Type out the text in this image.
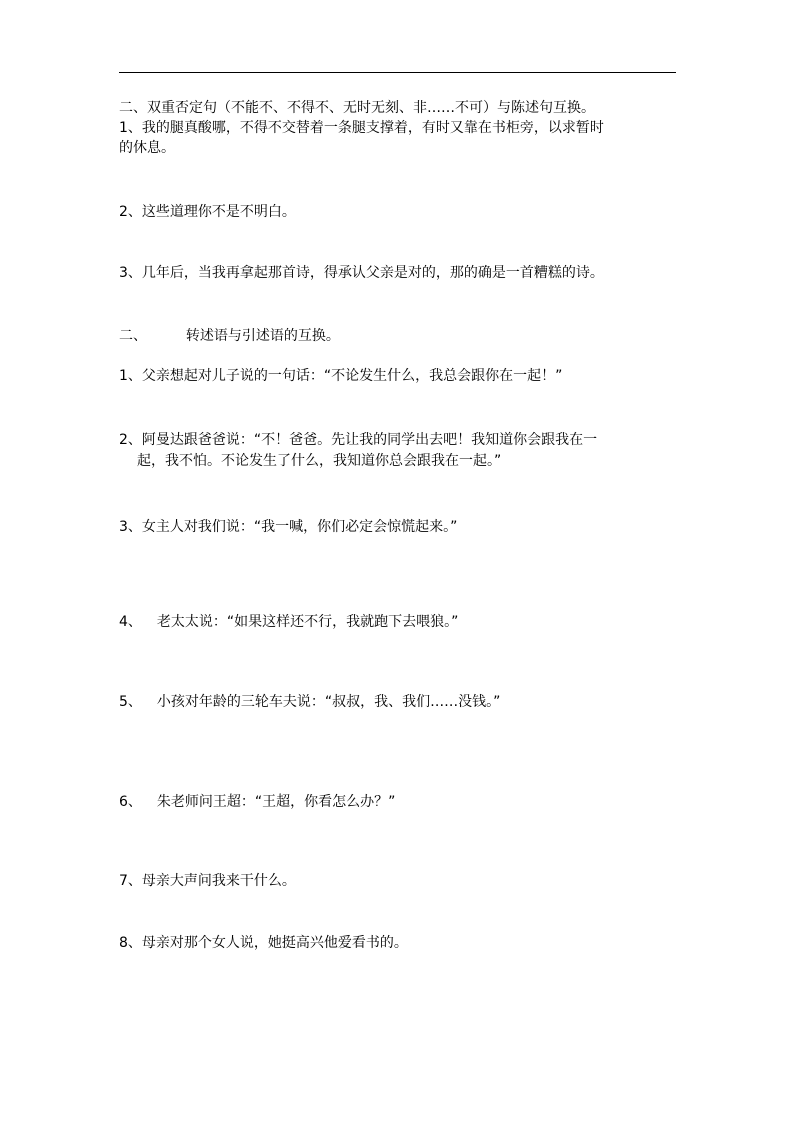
二、双重否定句（不能不、不得不、无时无刻、非……不可）与陈述句互换。
1、我的腿真酸哪，不得不交替着一条腿支撑着，有时又靠在书柜旁，以求暂时
的休息。
2、这些道理你不是不明白。
3、几年后，当我再拿起那首诗，得承认父亲是对的，那的确是一首糟糕的诗。
二、	转述语与引述语的互换。
1、父亲想起对儿子说的一句话：“不论发生什么，我总会跟你在一起！”
2、阿曼达跟爸爸说：“不！爸爸。先让我的同学出去吧！我知道你会跟我在一
起，我不怕。不论发生了什么，我知道你总会跟我在一起。”
3、女主人对我们说：“我一喊，你们必定会惊慌起来。”
4、 老太太说：“如果这样还不行，我就跑下去喂狼。”
5、 小孩对年龄的三轮车夫说：“叔叔，我、我们……没钱。”
6、 朱老师问王超：“王超，你看怎么办？”
7、母亲大声问我来干什么。
8、母亲对那个女人说，她挺高兴他爱看书的。
